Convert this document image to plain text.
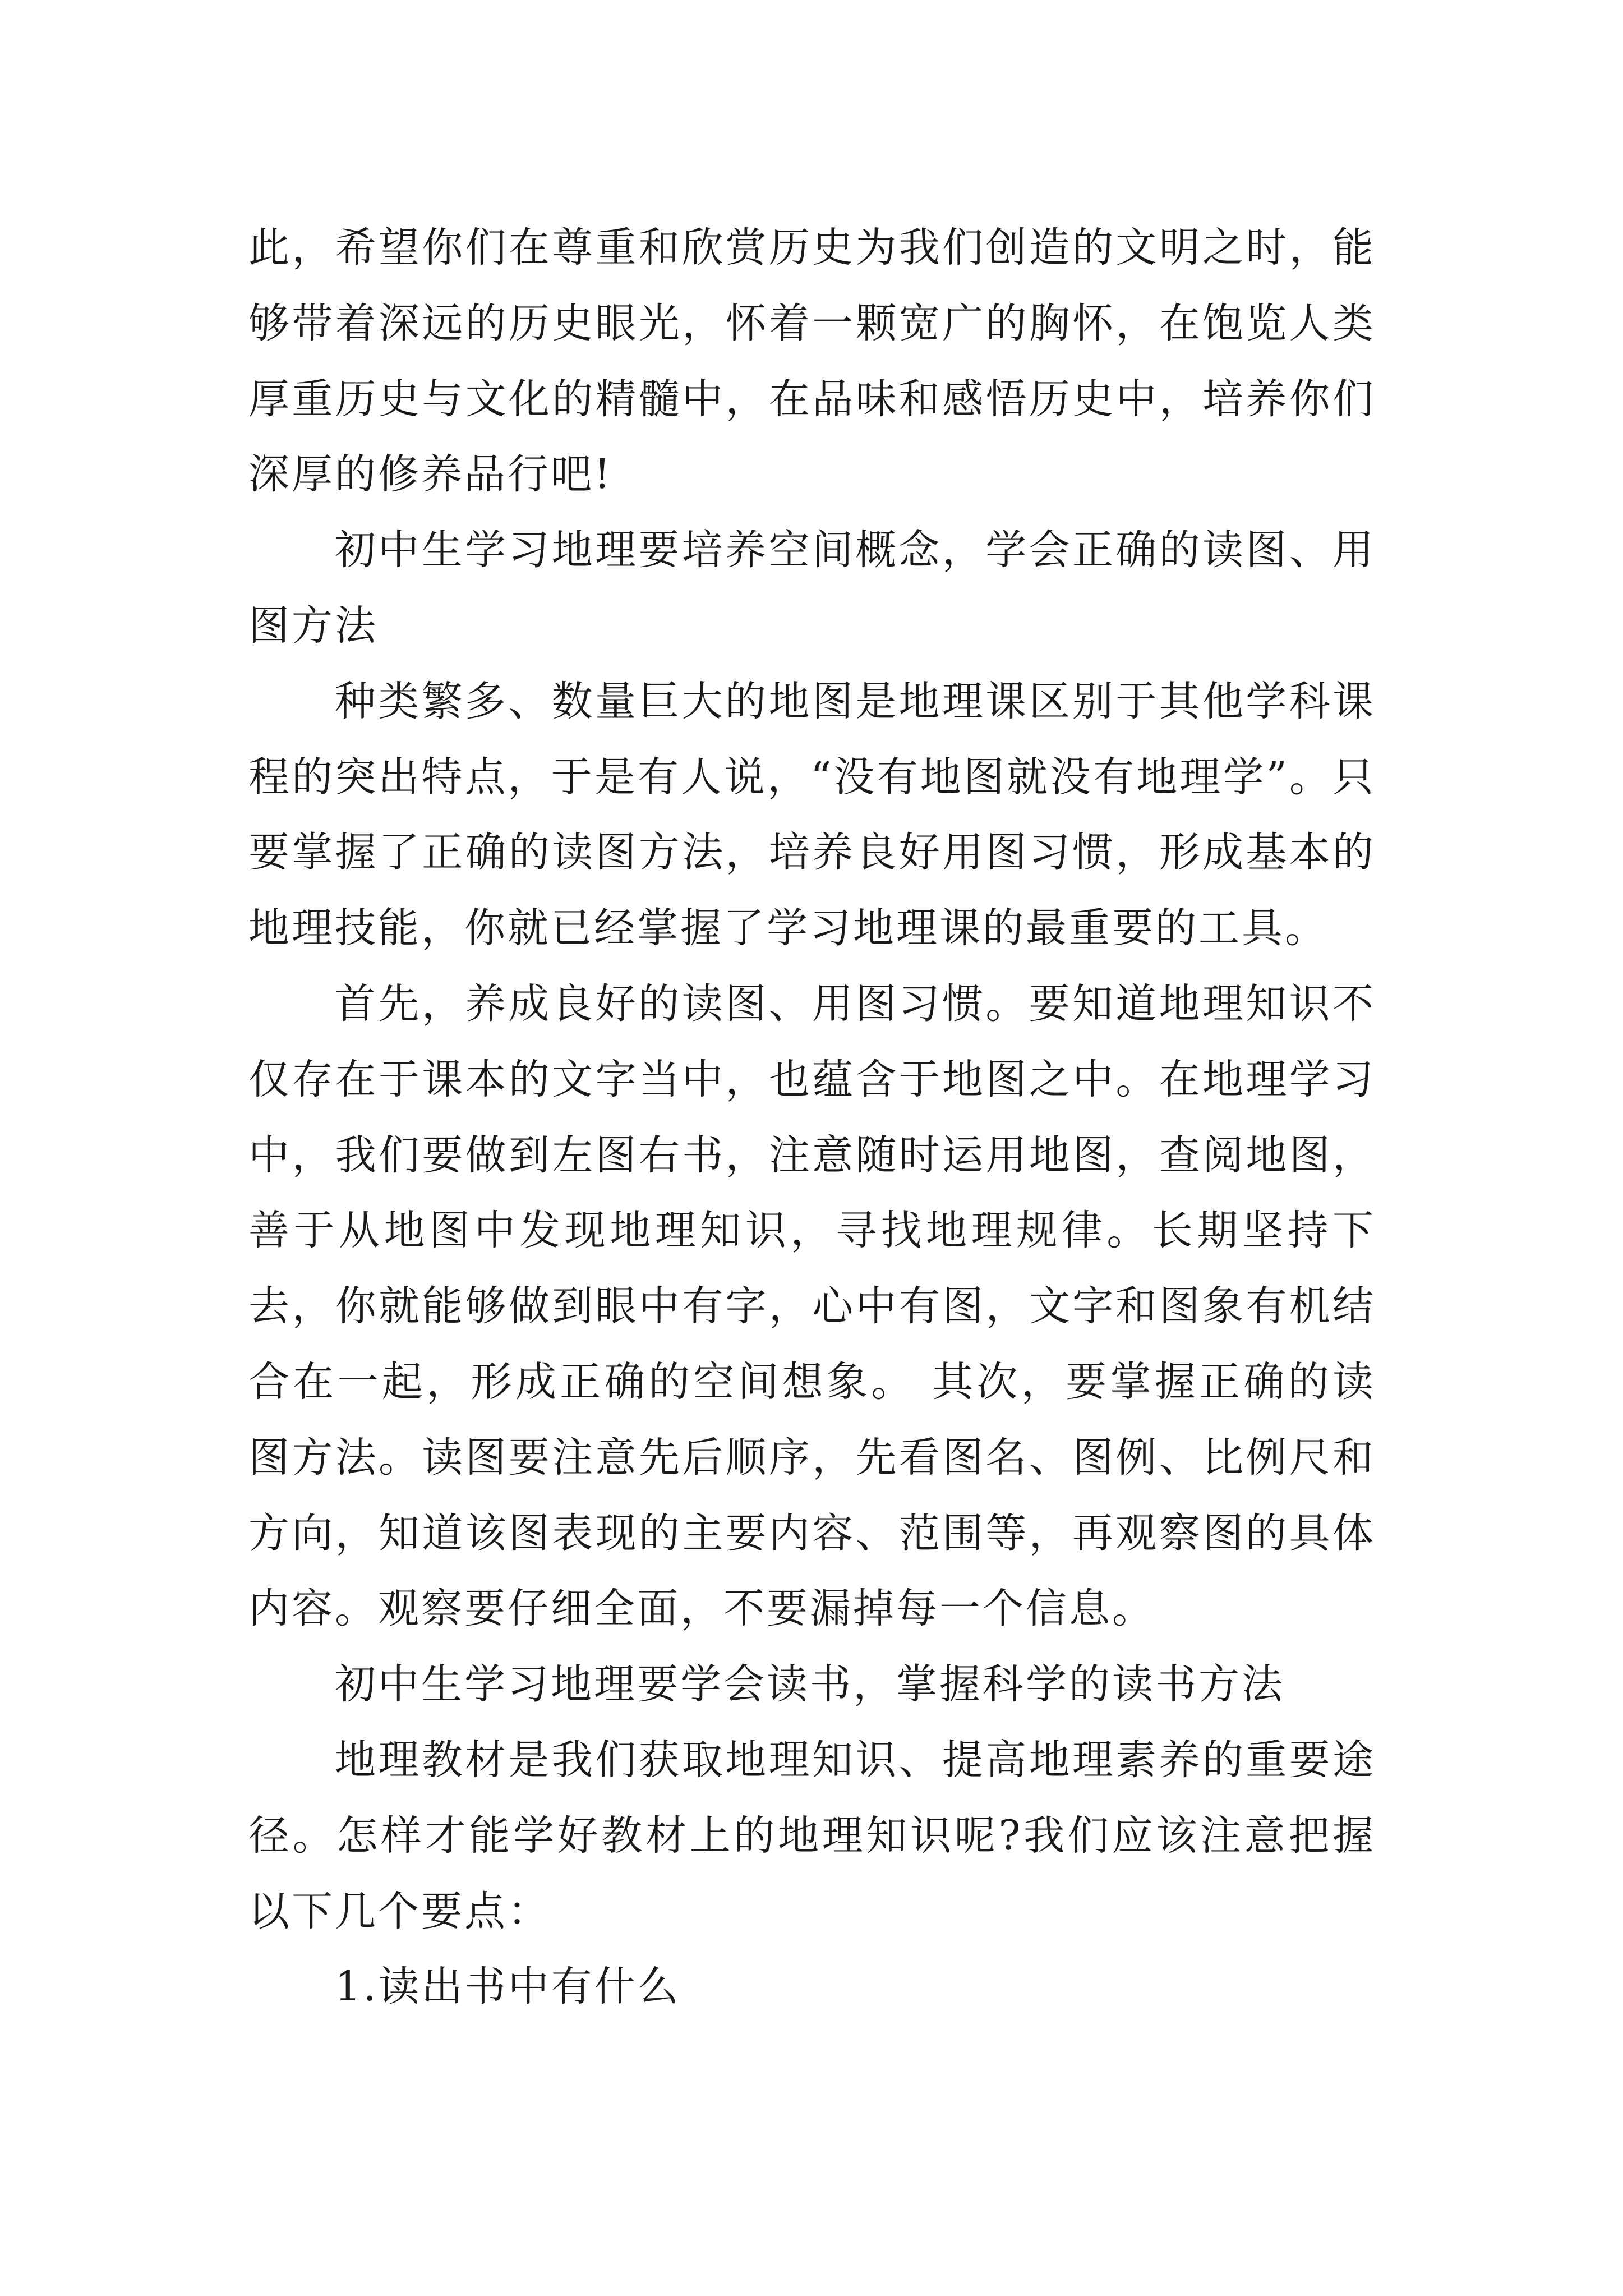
此，希望你们在尊重和欣赏历史为我们创造的文明之时，能够带着深远的历史眼光，怀着一颗宽广的胸怀，在饱览人类厚重历史与文化的精髓中，在品味和感悟历史中，培养你们深厚的修养品行吧!

初中生学习地理要培养空间概念，学会正确的读图、用图方法

种类繁多、数量巨大的地图是地理课区别于其他学科课程的突出特点，于是有人说，“没有地图就没有地理学”。只要掌握了正确的读图方法，培养良好用图习惯，形成基本的地理技能，你就已经掌握了学习地理课的最重要的工具。

首先，养成良好的读图、用图习惯。要知道地理知识不仅存在于课本的文字当中，也蕴含于地图之中。在地理学习中，我们要做到左图右书，注意随时运用地图，查阅地图，善于从地图中发现地理知识，寻找地理规律。长期坚持下去，你就能够做到眼中有字，心中有图，文字和图象有机结合在一起，形成正确的空间想象。 其次，要掌握正确的读图方法。读图要注意先后顺序，先看图名、图例、比例尺和方向，知道该图表现的主要内容、范围等，再观察图的具体内容。观察要仔细全面，不要漏掉每一个信息。

初中生学习地理要学会读书，掌握科学的读书方法

地理教材是我们获取地理知识、提高地理素养的重要途径。怎样才能学好教材上的地理知识呢?我们应该注意把握以下几个要点：

1.读出书中有什么
